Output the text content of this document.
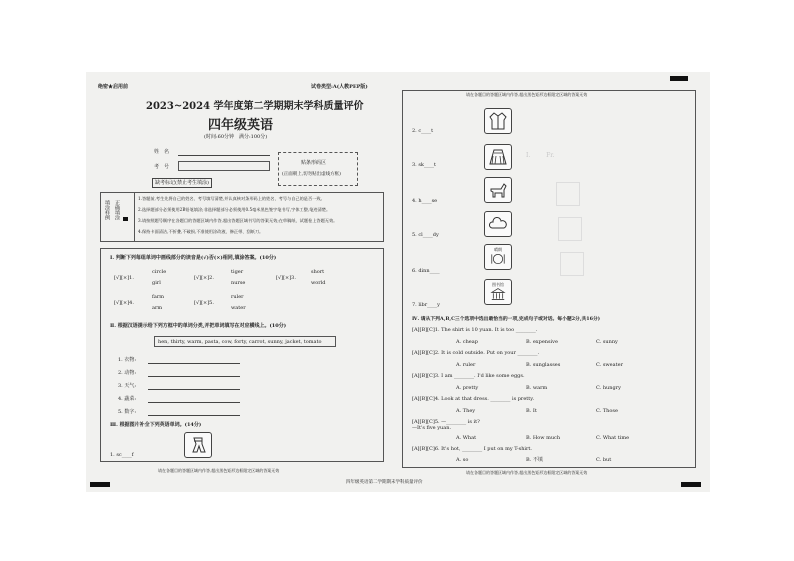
绝密★启用前	试卷类型:A(人教PEP版)
2023~2024 学年度第二学期期末学科质量评价
四年级英语
(时间:60分钟　满分:100分)
姓　名
考　号
缺考标记(禁止考生填涂)
贴条形码区
(正面朝上,切勿贴出虚线方框)
填涂样例 正确填涂
1.答题前,考生先将自己的姓名、考号填写清楚,并认真核对条形码上的姓名、考号与自己的是否一致。
2.选择题部分必须使用2B铅笔填涂;非选择题部分必须使用0.5毫米黑色签字笔书写,字体工整,笔迹清楚。
3.请按照题号顺序在各题目的答题区域内作答,超出答题区域书写的答案无效;在草稿纸、试题卷上答题无效。
4.保持卡面清洁,不折叠,不破损,不准使用涂改液、修正带、刮纸刀。
Ⅰ. 判断下列每组单词中画线部分的读音是(√)否(×)相同,填涂答案。(10分)
[√][×]1.
circle
girl
[√][×]2.
tiger
nurse
[√][×]3.
short
world
[√][×]4.
farm
arm
[√][×]5.
ruler
water
Ⅱ. 根据汉语提示给下列方框中的单词分类,并把单词填写在对应横线上。(10分)
hen, thirty, warm, pasta, cow, forty, carrot, sunny, jacket, tomato
1. 衣物:
2. 动物:
3. 天气:
4. 蔬菜:
5. 数字:
Ⅲ. 根据图片补全下列英语单词。(14分)
1. sc____f
请在各题目的答题区域内作答,超出黑色矩形边框限定区域的答案无效
请在各题目的答题区域内作答,超出黑色矩形边框限定区域的答案无效
I. 　　 Fr.
2. c____t
3. sk____t
4. h____se
5. cl____dy
6. dinn____
晴朗
7. libr____y
图书馆
Ⅳ. 请从下列A,B,C三个选项中选出最恰当的一项,完成句子或对话。每小题2分,共16分)
[A][B][C]1. The shirt is 10 yuan. It is too ________.
A. cheap	B. expensive	C. sunny
[A][B][C]2. It is cold outside. Put on your ________.
A. ruler	B. sunglasses	C. sweater
[A][B][C]3. I am ________. I'd like some eggs.
A. pretty	B. warm	C. hungry
[A][B][C]4. Look at that dress. ________ is pretty.
A. They	B. It	C. Those
[A][B][C]5. —________ is it?
—It's five yuan.
A. What	B. How much	C. What time
[A][B][C]6. It's hot, ________ I put on my T-shirt.
A. so	B. 不填	C. but
请在各题目的答题区域内作答,超出黑色矩形边框限定区域的答案无效
四年级英语第二学期期末学科质量评价
